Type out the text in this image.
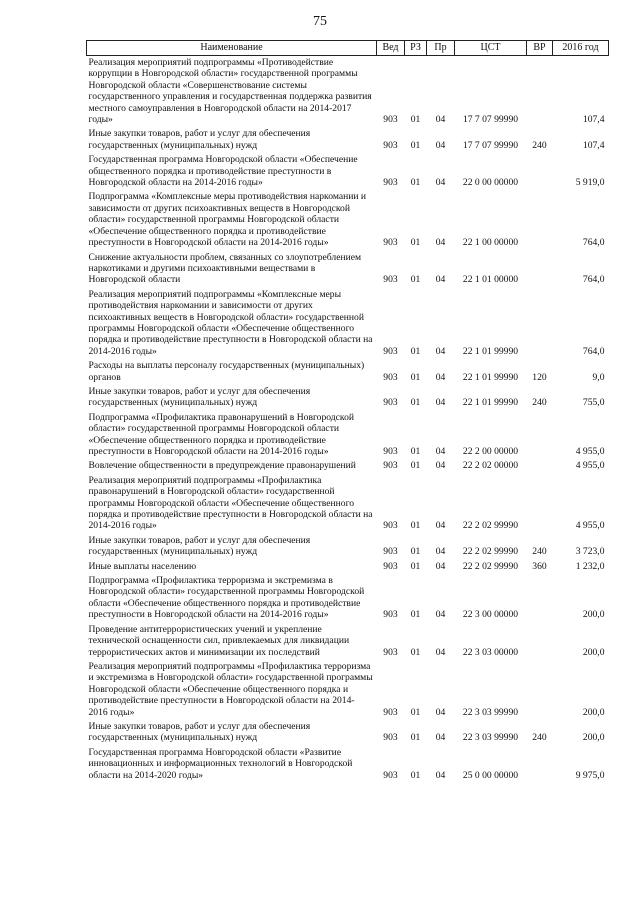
75
Наименование	Вед	РЗ	Пр	ЦСТ	ВР	2016 год
Реализация мероприятий подпрограммы «Противодействие коррупции в Новгородской области» государственной программы Новгородской области «Совершенствование системы государственного управления и государственная поддержка развития местного самоуправления в Новгородской области на 2014-2017 годы»	903	01	04	17 7 07 99990		107,4
Иные закупки товаров, работ и услуг для обеспечения государственных (муниципальных) нужд	903	01	04	17 7 07 99990	240	107,4
Государственная программа Новгородской области «Обеспечение общественного порядка и противодействие преступности в Новгородской области на 2014-2016 годы»	903	01	04	22 0 00 00000		5 919,0
Подпрограмма «Комплексные меры противодействия наркомании и зависимости от других психоактивных веществ в Новгородской области» государственной программы Новгородской области «Обеспечение общественного порядка и противодействие преступности в Новгородской области на 2014-2016 годы»	903	01	04	22 1 00 00000		764,0
Снижение актуальности проблем, связанных со злоупотреблением наркотиками и другими психоактивными веществами в Новгородской области	903	01	04	22 1 01 00000		764,0
Реализация мероприятий подпрограммы «Комплексные меры противодействия наркомании и зависимости от других психоактивных веществ в Новгородской области» государственной программы Новгородской области «Обеспечение общественного порядка и противодействие преступности в Новгородской области на 2014-2016 годы»	903	01	04	22 1 01 99990		764,0
Расходы на выплаты персоналу государственных (муниципальных) органов	903	01	04	22 1 01 99990	120	9,0
Иные закупки товаров, работ и услуг для обеспечения государственных (муниципальных) нужд	903	01	04	22 1 01 99990	240	755,0
Подпрограмма «Профилактика правонарушений в Новгородской области» государственной программы Новгородской области «Обеспечение общественного порядка и противодействие преступности в Новгородской области на 2014-2016 годы»	903	01	04	22 2 00 00000		4 955,0
Вовлечение общественности в предупреждение правонарушений	903	01	04	22 2 02 00000		4 955,0
Реализация мероприятий подпрограммы «Профилактика правонарушений в Новгородской области» государственной программы Новгородской области «Обеспечение общественного порядка и противодействие преступности в Новгородской области на 2014-2016 годы»	903	01	04	22 2 02 99990		4 955,0
Иные закупки товаров, работ и услуг для обеспечения государственных (муниципальных) нужд	903	01	04	22 2 02 99990	240	3 723,0
Иные выплаты населению	903	01	04	22 2 02 99990	360	1 232,0
Подпрограмма «Профилактика терроризма и экстремизма в Новгородской области» государственной программы Новгородской области «Обеспечение общественного порядка и противодействие преступности в Новгородской области на 2014-2016 годы»	903	01	04	22 3 00 00000		200,0
Проведение антитеррористических учений и укрепление технической оснащенности сил, привлекаемых для ликвидации террористических актов и минимизации их последствий	903	01	04	22 3 03 00000		200,0
Реализация мероприятий подпрограммы «Профилактика терроризма и экстремизма в Новгородской области» государственной программы Новгородской области «Обеспечение общественного порядка и противодействие преступности в Новгородской области на 2014-2016 годы»	903	01	04	22 3 03 99990		200,0
Иные закупки товаров, работ и услуг для обеспечения государственных (муниципальных) нужд	903	01	04	22 3 03 99990	240	200,0
Государственная программа Новгородской области «Развитие инновационных и информационных технологий в Новгородской области на 2014-2020 годы»	903	01	04	25 0 00 00000		9 975,0
